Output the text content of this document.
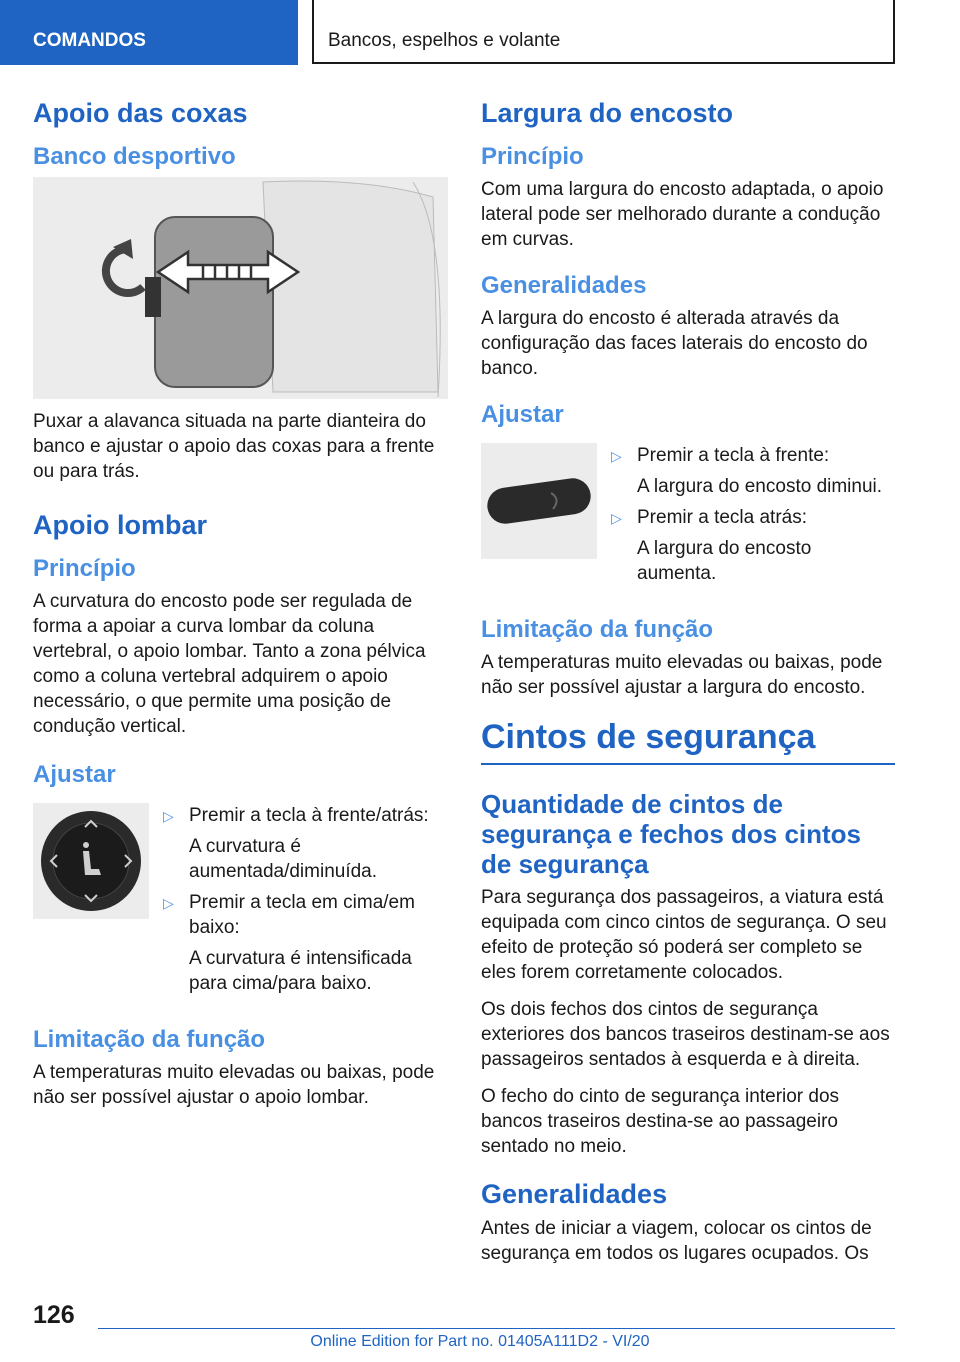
COMANDOS	Bancos, espelhos e volante
Apoio das coxas
Banco desportivo

Puxar a alavanca situada na parte dianteira do banco e ajustar o apoio das coxas para a frente ou para trás.

Apoio lombar
Princípio

A curvatura do encosto pode ser regulada de forma a apoiar a curva lombar da coluna vertebral, o apoio lombar. Tanto a zona pélvica como a coluna vertebral adquirem o apoio necessário, o que permite uma posição de condução vertical.

Ajustar
▷ Premir a tecla à frente/atrás:
A curvatura é aumentada/diminuída.
▷ Premir a tecla em cima/em baixo:
A curvatura é intensificada para cima/para baixo.
Limitação da função

A temperaturas muito elevadas ou baixas, pode não ser possível ajustar o apoio lombar.

Largura do encosto
Princípio

Com uma largura do encosto adaptada, o apoio lateral pode ser melhorado durante a condução em curvas.

Generalidades

A largura do encosto é alterada através da configuração das faces laterais do encosto do banco.

Ajustar
▷ Premir a tecla à frente:
A largura do encosto diminui.
▷ Premir a tecla atrás:
A largura do encosto aumenta.
Limitação da função

A temperaturas muito elevadas ou baixas, pode não ser possível ajustar a largura do encosto.

Cintos de segurança
Quantidade de cintos de segurança e fechos dos cintos de segurança

Para segurança dos passageiros, a viatura está equipada com cinco cintos de segurança. O seu efeito de proteção só poderá ser completo se eles forem corretamente colocados.

Os dois fechos dos cintos de segurança exteriores dos bancos traseiros destinam-se aos passageiros sentados à esquerda e à direita.

O fecho do cinto de segurança interior dos bancos traseiros destina-se ao passageiro sentado no meio.

Generalidades

Antes de iniciar a viagem, colocar os cintos de segurança em todos os lugares ocupados. Os

126
Online Edition for Part no. 01405A111D2 - VI/20
